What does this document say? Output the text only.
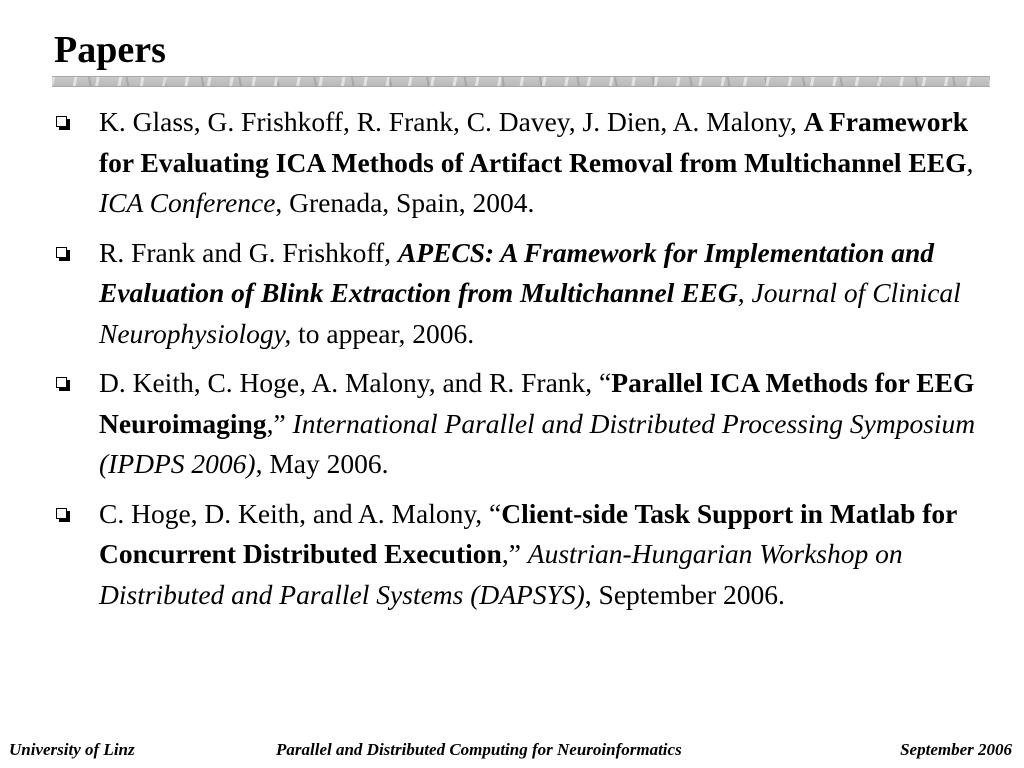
Papers
K. Glass, G. Frishkoff, R. Frank, C. Davey, J. Dien, A. Malony, A Framework for Evaluating ICA Methods of Artifact Removal from Multichannel EEG, ICA Conference, Grenada, Spain, 2004.
R. Frank and G. Frishkoff, APECS: A Framework for Implementation and Evaluation of Blink Extraction from Multichannel EEG, Journal of Clinical Neurophysiology, to appear, 2006.
D. Keith, C. Hoge, A. Malony, and R. Frank, “Parallel ICA Methods for EEG Neuroimaging,” International Parallel and Distributed Processing Symposium (IPDPS 2006), May 2006.
C. Hoge, D. Keith, and A. Malony, “Client-side Task Support in Matlab for Concurrent Distributed Execution,” Austrian-Hungarian Workshop on Distributed and Parallel Systems (DAPSYS), September 2006.
University of Linz	Parallel and Distributed Computing for Neuroinformatics	September 2006
